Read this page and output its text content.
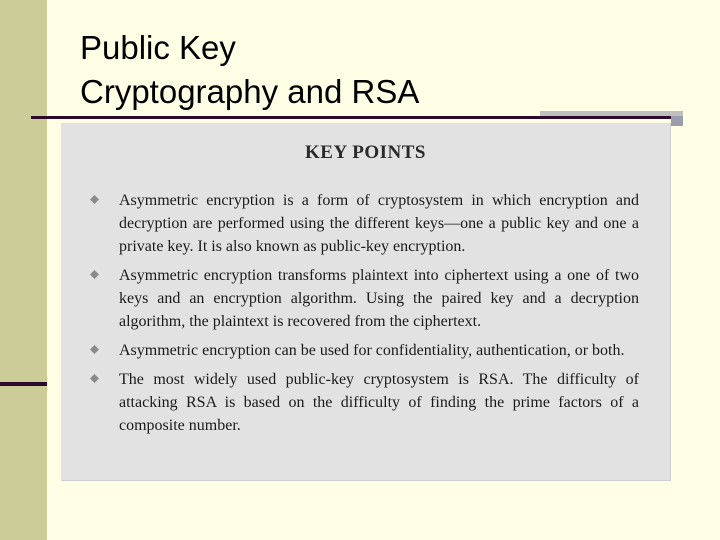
Public Key
Cryptography and RSA
KEY POINTS
Asymmetric encryption is a form of cryptosystem in which encryption and decryption are performed using the different keys—one a public key and one a private key. It is also known as public-key encryption.
Asymmetric encryption transforms plaintext into ciphertext using a one of two keys and an encryption algorithm. Using the paired key and a decryption algorithm, the plaintext is recovered from the ciphertext.
Asymmetric encryption can be used for confidentiality, authentication, or both.
The most widely used public-key cryptosystem is RSA. The difficulty of attacking RSA is based on the difficulty of finding the prime factors of a composite number.
